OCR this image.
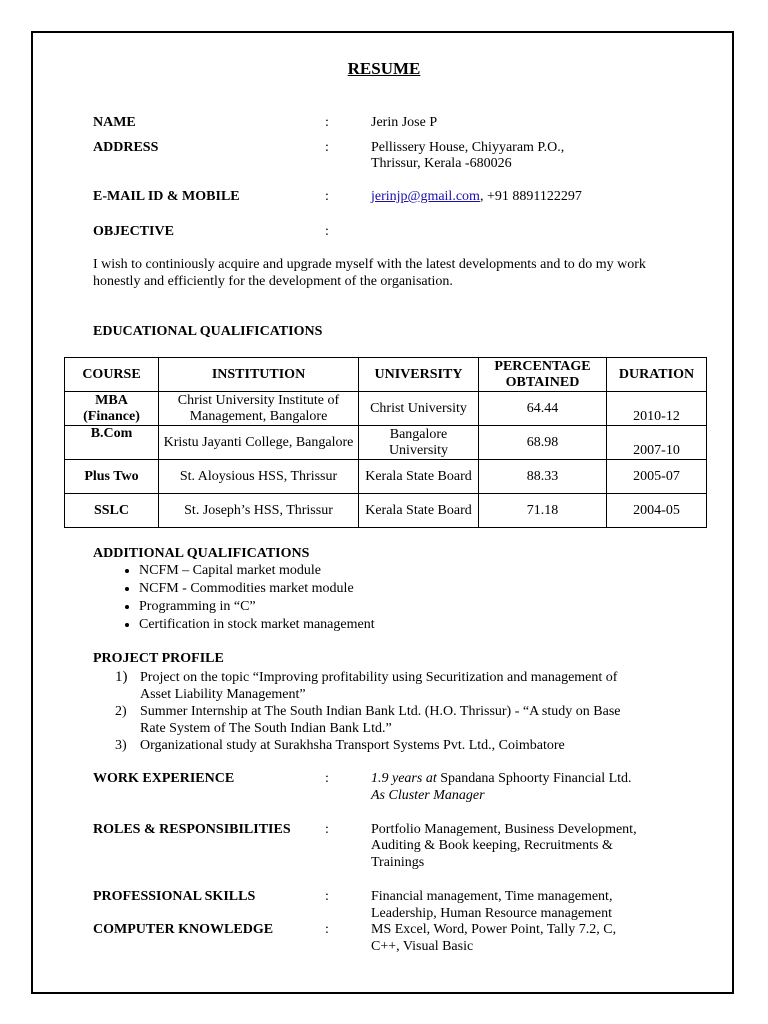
RESUME
NAME	:	Jerin Jose P
ADDRESS	:	Pellissery House, Chiyyaram P.O.,
Thrissur, Kerala -680026
E-MAIL ID & MOBILE	:	jerinjp@gmail.com, +91 8891122297
OBJECTIVE	:
I wish to continiously acquire and upgrade myself with the latest developments and to do my work honestly and efficiently for the development of the organisation.
EDUCATIONAL QUALIFICATIONS
COURSE	INSTITUTION	UNIVERSITY	PERCENTAGE OBTAINED	DURATION
MBA (Finance)	Christ University Institute of Management, Bangalore	Christ University	64.44	2010-12
B.Com	Kristu Jayanti College, Bangalore	Bangalore University	68.98	2007-10
Plus Two	St. Aloysious HSS, Thrissur	Kerala State Board	88.33	2005-07
SSLC	St. Joseph’s HSS, Thrissur	Kerala State Board	71.18	2004-05
ADDITIONAL QUALIFICATIONS
• NCFM – Capital market module
• NCFM - Commodities market module
• Programming in “C”
• Certification in stock market management
PROJECT PROFILE
1) Project on the topic “Improving profitability using Securitization and management of
Asset Liability Management”
2) Summer Internship at The South Indian Bank Ltd. (H.O. Thrissur) - “A study on Base
Rate System of The South Indian Bank Ltd.”
3) Organizational study at Surakhsha Transport Systems Pvt. Ltd., Coimbatore
WORK EXPERIENCE	:	1.9 years at Spandana Sphoorty Financial Ltd.
As Cluster Manager
ROLES & RESPONSIBILITIES :	Portfolio Management, Business Development,
Auditing & Book keeping, Recruitments &
Trainings
PROFESSIONAL SKILLS	:	Financial management, Time management,
Leadership, Human Resource management
COMPUTER KNOWLEDGE	:	MS Excel, Word, Power Point, Tally 7.2, C,
C++, Visual Basic
